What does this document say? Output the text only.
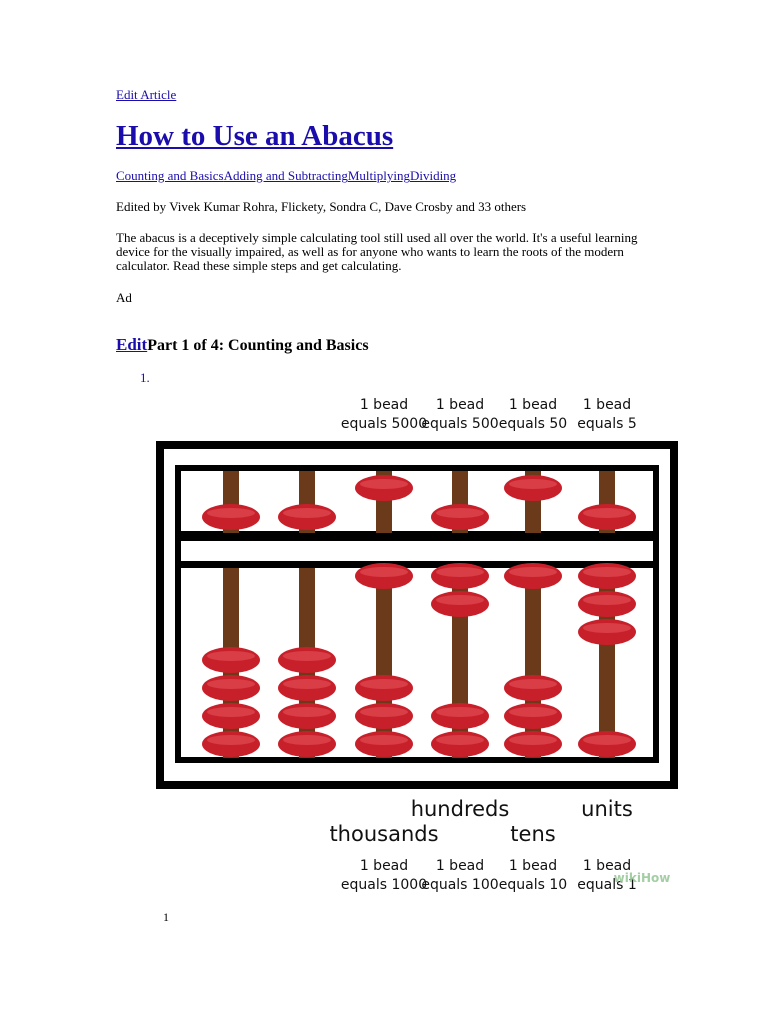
Edit Article
How to Use an Abacus
Counting and BasicsAdding and SubtractingMultiplyingDividing
Edited by Vivek Kumar Rohra, Flickety, Sondra C, Dave Crosby and 33 others
The abacus is a deceptively simple calculating tool still used all over the world. It's a useful learning device for the visually impaired, as well as for anyone who wants to learn the roots of the modern calculator. Read these simple steps and get calculating.
Ad
EditPart 1 of 4: Counting and Basics
1.
1 bead
equals 5000
1 bead
equals 500
1 bead
equals 50
1 bead
equals 5
hundreds	units
thousands	tens
1 bead
equals 1000
1 bead
equals 100
1 bead
equals 10
1 bead
equals 1
wikiHow
1
